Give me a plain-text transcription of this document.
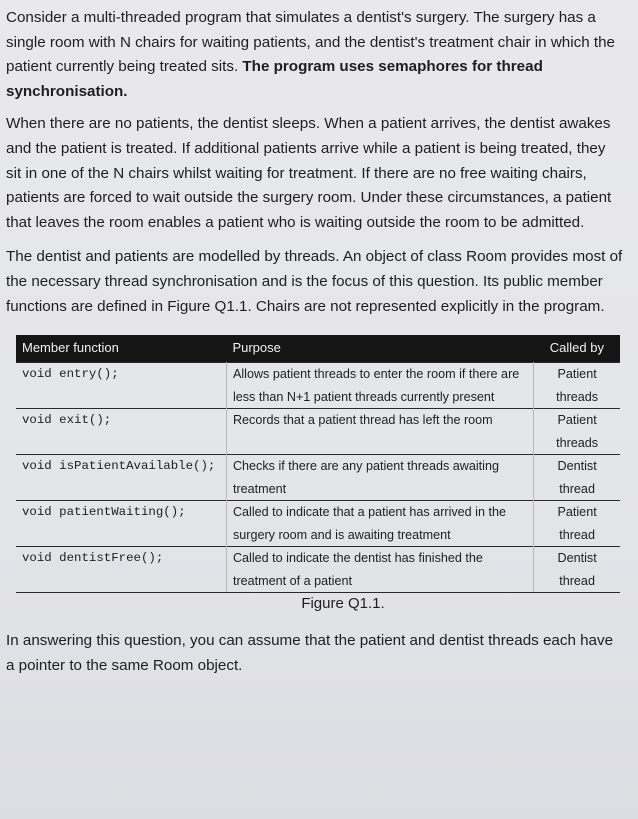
Consider a multi-threaded program that simulates a dentist's surgery. The surgery has a single room with N chairs for waiting patients, and the dentist's treatment chair in which the patient currently being treated sits. The program uses semaphores for thread synchronisation.

When there are no patients, the dentist sleeps. When a patient arrives, the dentist awakes and the patient is treated. If additional patients arrive while a patient is being treated, they sit in one of the N chairs whilst waiting for treatment. If there are no free waiting chairs, patients are forced to wait outside the surgery room. Under these circumstances, a patient that leaves the room enables a patient who is waiting outside the room to be admitted.

The dentist and patients are modelled by threads. An object of class Room provides most of the necessary thread synchronisation and is the focus of this question. Its public member functions are defined in Figure Q1.1. Chairs are not represented explicitly in the program.

Member function	Purpose	Called by
void entry();	Allows patient threads to enter the room if there are less than N+1 patient threads currently present	Patient threads
void exit();	Records that a patient thread has left the room	Patient threads
void isPatientAvailable();	Checks if there are any patient threads awaiting treatment	Dentist thread
void patientWaiting();	Called to indicate that a patient has arrived in the surgery room and is awaiting treatment	Patient thread
void dentistFree();	Called to indicate the dentist has finished the treatment of a patient	Dentist thread
Figure Q1.1.

In answering this question, you can assume that the patient and dentist threads each have a pointer to the same Room object.
